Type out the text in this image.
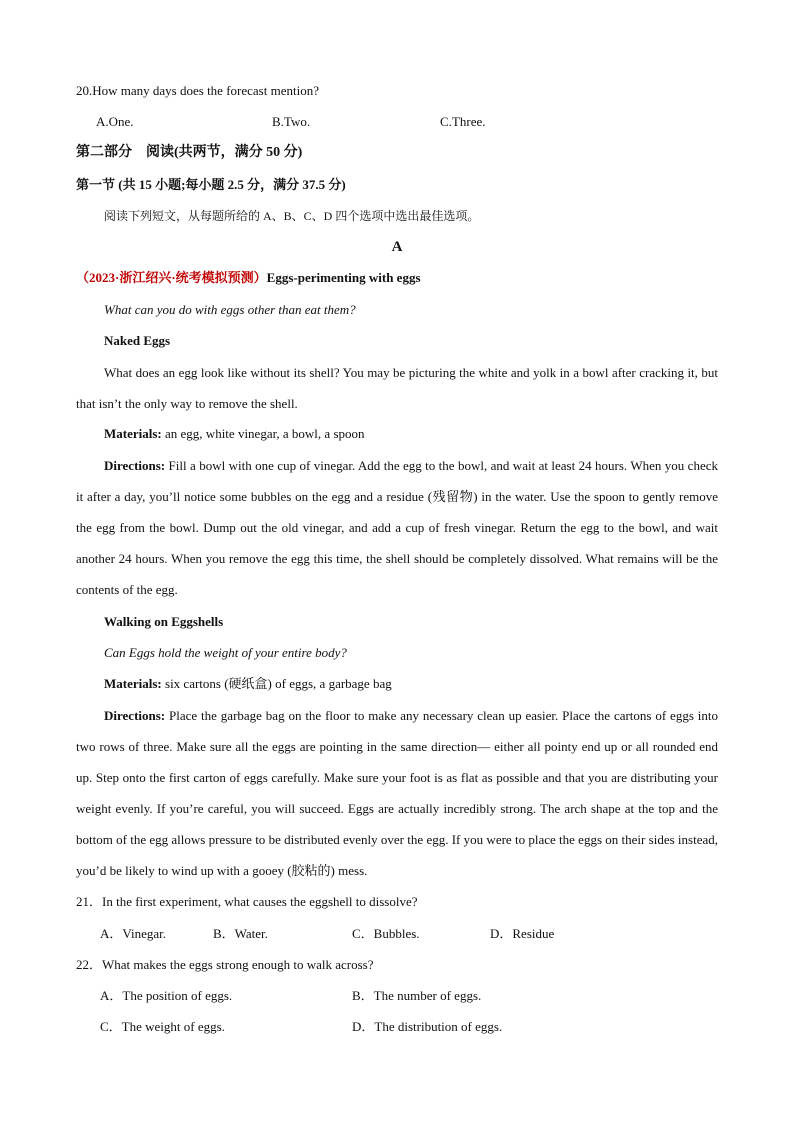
20.How many days does the forecast mention?
A.One.	B.Two.	C.Three.
第二部分　阅读(共两节，满分 50 分)
第一节 (共 15 小题;每小题 2.5 分，满分 37.5 分)
阅读下列短文，从每题所给的 A、B、C、D 四个选项中选出最佳选项。
A
（2023·浙江绍兴·统考模拟预测）Eggs-perimenting with eggs
What can you do with eggs other than eat them?
Naked Eggs
What does an egg look like without its shell? You may be picturing the white and yolk in a bowl after cracking it, but that isn’t the only way to remove the shell.
Materials: an egg, white vinegar, a bowl, a spoon
Directions: Fill a bowl with one cup of vinegar. Add the egg to the bowl, and wait at least 24 hours. When you check it after a day, you’ll notice some bubbles on the egg and a residue (残留物) in the water. Use the spoon to gently remove the egg from the bowl. Dump out the old vinegar, and add a cup of fresh vinegar. Return the egg to the bowl, and wait another 24 hours. When you remove the egg this time, the shell should be completely dissolved. What remains will be the contents of the egg.
Walking on Eggshells
Can Eggs hold the weight of your entire body?
Materials: six cartons (硬纸盒) of eggs, a garbage bag
Directions: Place the garbage bag on the floor to make any necessary clean up easier. Place the cartons of eggs into two rows of three. Make sure all the eggs are pointing in the same direction— either all pointy end up or all rounded end up. Step onto the first carton of eggs carefully. Make sure your foot is as flat as possible and that you are distributing your weight evenly. If you’re careful, you will succeed. Eggs are actually incredibly strong. The arch shape at the top and the bottom of the egg allows pressure to be distributed evenly over the egg. If you were to place the eggs on their sides instead, you’d be likely to wind up with a gooey (胶粘的) mess.
21．In the first experiment, what causes the eggshell to dissolve?
A．Vinegar.	B．Water.	C．Bubbles.	D．Residue
22．What makes the eggs strong enough to walk across?
A．The position of eggs.	B．The number of eggs.
C．The weight of eggs.	D．The distribution of eggs.
